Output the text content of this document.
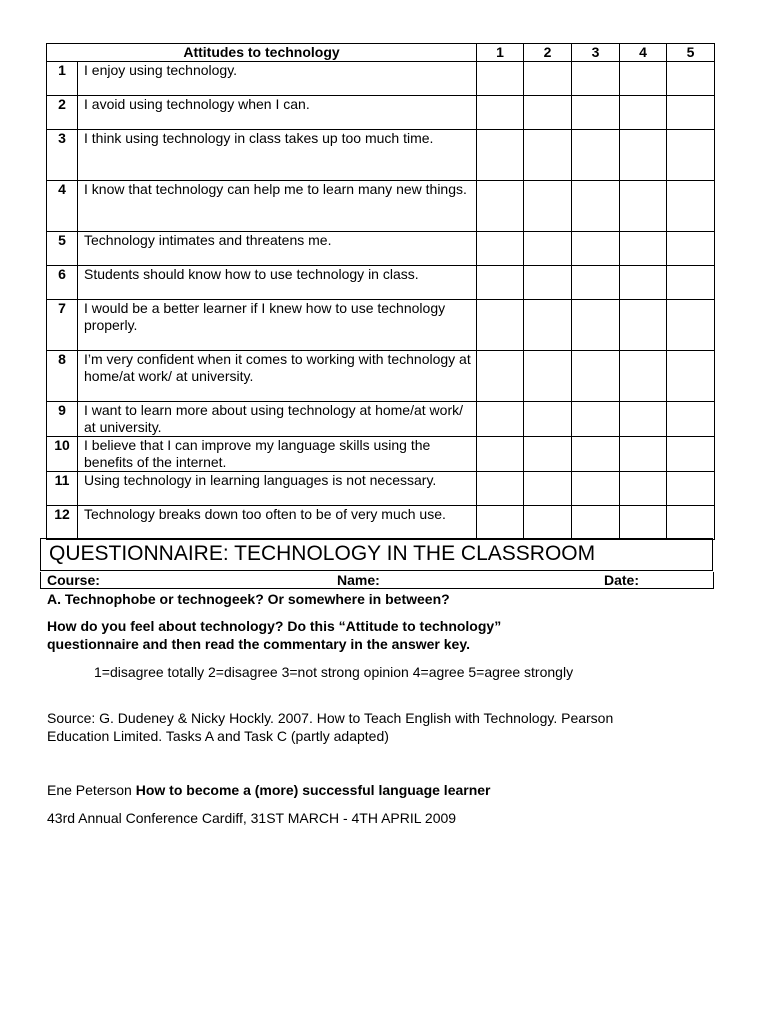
Attitudes to technology		1	2	3	4	5
1	I enjoy using technology.					
2	I avoid using technology when I can.					
3	I think using technology in class takes up too much time.					
4	I know that technology can help me to learn many new things.					
5	Technology intimates and threatens me.					
6	Students should know how to use technology in class.					
7	I would be a better learner if I knew how to use technology properly.					
8	I’m very confident when it comes to working with technology at home/at work/ at university.					
9	I want to learn more about using technology at home/at work/ at university.					
10	I believe that I can improve my language skills using the benefits of the internet.					
11	Using technology in learning languages is not necessary.					
12	Technology breaks down too often to be of very much use.					
QUESTIONNAIRE: TECHNOLOGY IN THE CLASSROOM
Course:	Name:	Date:

A. Technophobe or technogeek? Or somewhere in between?

How do you feel about technology? Do this “Attitude to technology”

questionnaire and then read the commentary in the answer key.

1=disagree totally 2=disagree 3=not strong opinion 4=agree 5=agree strongly

Source: G. Dudeney & Nicky Hockly. 2007. How to Teach English with Technology. Pearson

Education Limited. Tasks A and Task C (partly adapted)

Ene Peterson How to become a (more) successful language learner

43rd Annual Conference Cardiff, 31ST MARCH - 4TH APRIL 2009
